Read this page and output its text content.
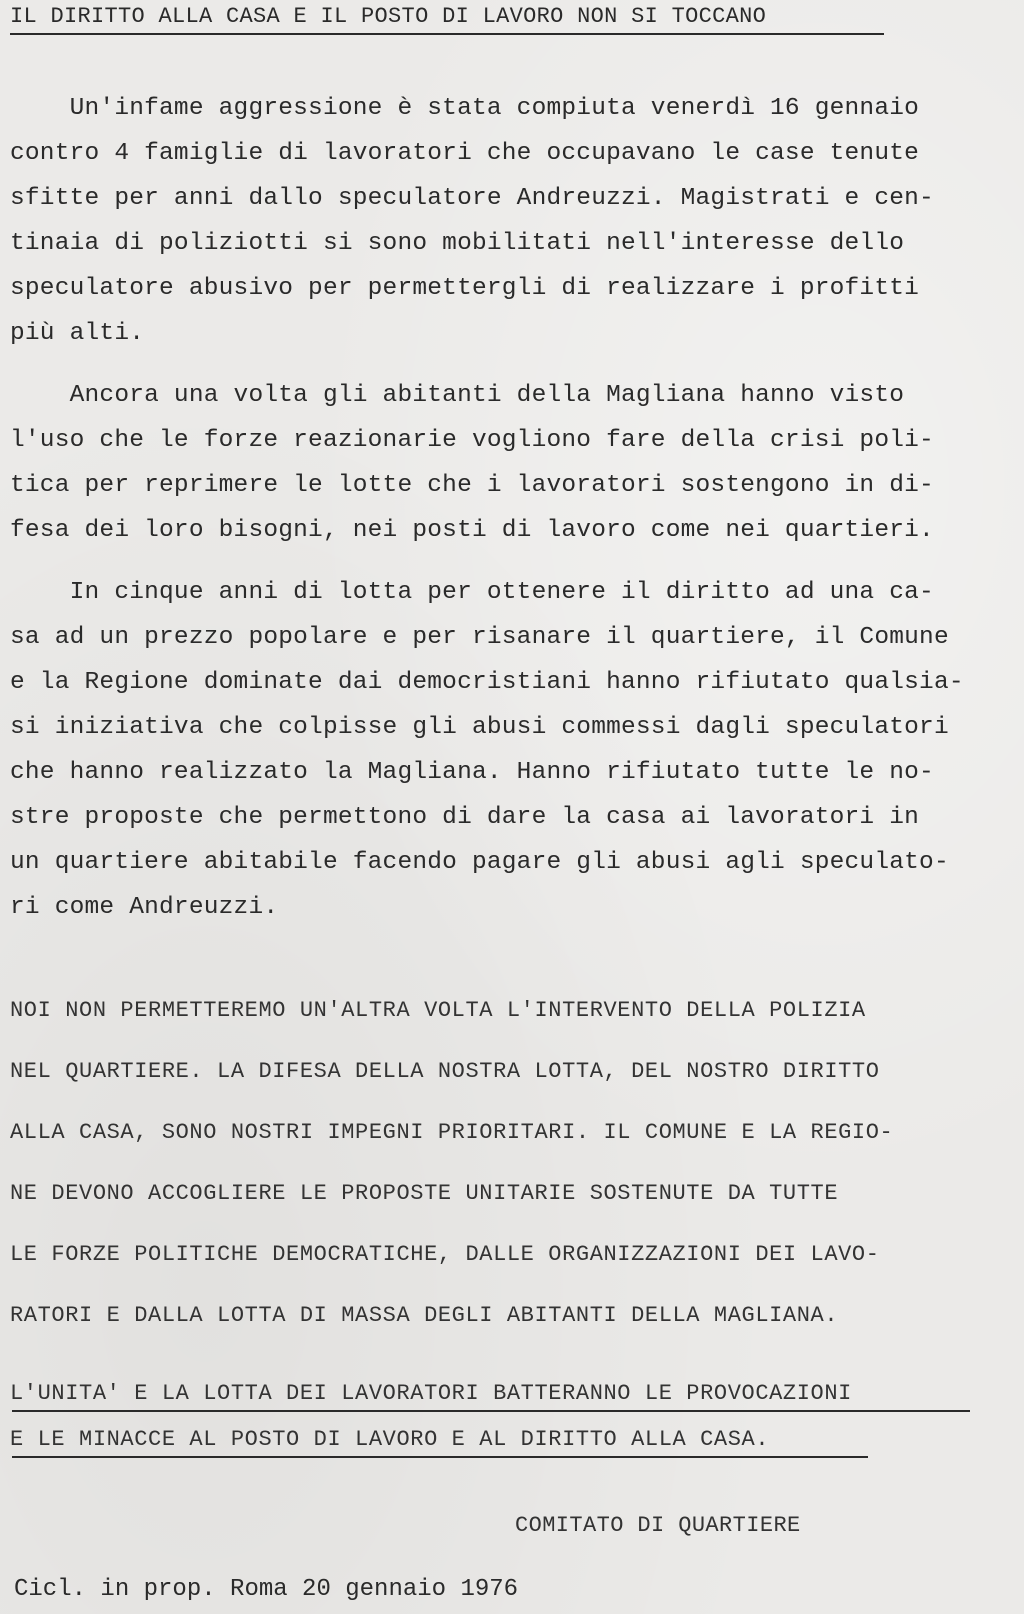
IL DIRITTO ALLA CASA E IL POSTO DI LAVORO NON SI TOCCANO
Un'infame aggressione è stata compiuta venerdì 16 gennaio
contro 4 famiglie di lavoratori che occupavano le case tenute
sfitte per anni dallo speculatore Andreuzzi. Magistrati e cen-
tinaia di poliziotti si sono mobilitati nell'interesse dello
speculatore abusivo per permettergli di realizzare i profitti
più alti.
Ancora una volta gli abitanti della Magliana hanno visto
l'uso che le forze reazionarie vogliono fare della crisi poli-
tica per reprimere le lotte che i lavoratori sostengono in di-
fesa dei loro bisogni, nei posti di lavoro come nei quartieri.
In cinque anni di lotta per ottenere il diritto ad una ca-
sa ad un prezzo popolare e per risanare il quartiere, il Comune
e la Regione dominate dai democristiani hanno rifiutato qualsia-
si iniziativa che colpisse gli abusi commessi dagli speculatori
che hanno realizzato la Magliana. Hanno rifiutato tutte le no-
stre proposte che permettono di dare la casa ai lavoratori in
un quartiere abitabile facendo pagare gli abusi agli speculato-
ri come Andreuzzi.
NOI NON PERMETTEREMO UN'ALTRA VOLTA L'INTERVENTO DELLA POLIZIA
NEL QUARTIERE. LA DIFESA DELLA NOSTRA LOTTA, DEL NOSTRO DIRITTO
ALLA CASA, SONO NOSTRI IMPEGNI PRIORITARI. IL COMUNE E LA REGIO-
NE DEVONO ACCOGLIERE LE PROPOSTE UNITARIE SOSTENUTE DA TUTTE
LE FORZE POLITICHE DEMOCRATICHE, DALLE ORGANIZZAZIONI DEI LAVO-
RATORI E DALLA LOTTA DI MASSA DEGLI ABITANTI DELLA MAGLIANA.
L'UNITA' E LA LOTTA DEI LAVORATORI BATTERANNO LE PROVOCAZIONI
E LE MINACCE AL POSTO DI LAVORO E AL DIRITTO ALLA CASA.
COMITATO DI QUARTIERE
Cicl. in prop. Roma 20 gennaio 1976
